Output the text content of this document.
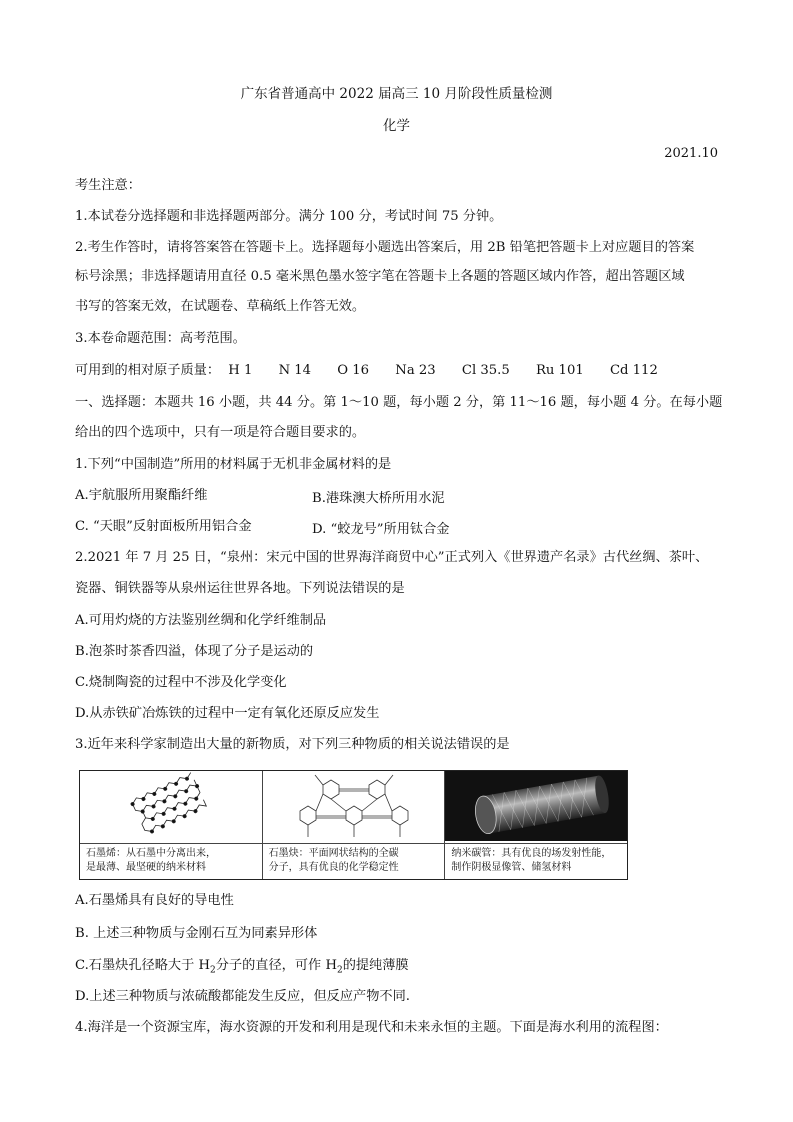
广东省普通高中 2022 届高三 10 月阶段性质量检测
化学
2021.10
考生注意：
1.本试卷分选择题和非选择题两部分。满分 100 分，考试时间 75 分钟。
2.考生作答时，请将答案答在答题卡上。选择题每小题选出答案后，用 2B 铅笔把答题卡上对应题目的答案
标号涂黑；非选择题请用直径 0.5 毫米黑色墨水签字笔在答题卡上各题的答题区域内作答，超出答题区域
书写的答案无效，在试题卷、草稿纸上作答无效。
3.本卷命题范围：高考范围。
可用到的相对原子质量： H 1 N 14 O 16 Na 23 Cl 35.5 Ru 101 Cd 112
一、选择题：本题共 16 小题，共 44 分。第 1～10 题，每小题 2 分，第 11～16 题，每小题 4 分。在每小题
给出的四个选项中，只有一项是符合题目要求的。
1.下列“中国制造”所用的材料属于无机非金属材料的是
A.宇航服所用聚酯纤维	B.港珠澳大桥所用水泥
C. “天眼”反射面板所用铝合金	D. “蛟龙号”所用钛合金
2.2021 年 7 月 25 日，“泉州：宋元中国的世界海洋商贸中心”正式列入《世界遗产名录》古代丝绸、茶叶、
瓷器、铜铁器等从泉州运往世界各地。下列说法错误的是
A.可用灼烧的方法鉴别丝绸和化学纤维制品
B.泡茶时茶香四溢，体现了分子是运动的
C.烧制陶瓷的过程中不涉及化学变化
D.从赤铁矿冶炼铁的过程中一定有氧化还原反应发生
3.近年来科学家制造出大量的新物质，对下列三种物质的相关说法错误的是
石墨烯：从石墨中分离出来，
是最薄、最坚硬的纳米材料
石墨炔：平面网状结构的全碳
分子，具有优良的化学稳定性
纳米碳管：具有优良的场发射性能，
制作阴极显像管、储氢材料
A.石墨烯具有良好的导电性
B. 上述三种物质与金刚石互为同素异形体
C.石墨炔孔径略大于 $H_2$分子的直径，可作 $H_2$的提纯薄膜
D.上述三种物质与浓硫酸都能发生反应，但反应产物不同.
4.海洋是一个资源宝库，海水资源的开发和利用是现代和未来永恒的主题。下面是海水利用的流程图：
